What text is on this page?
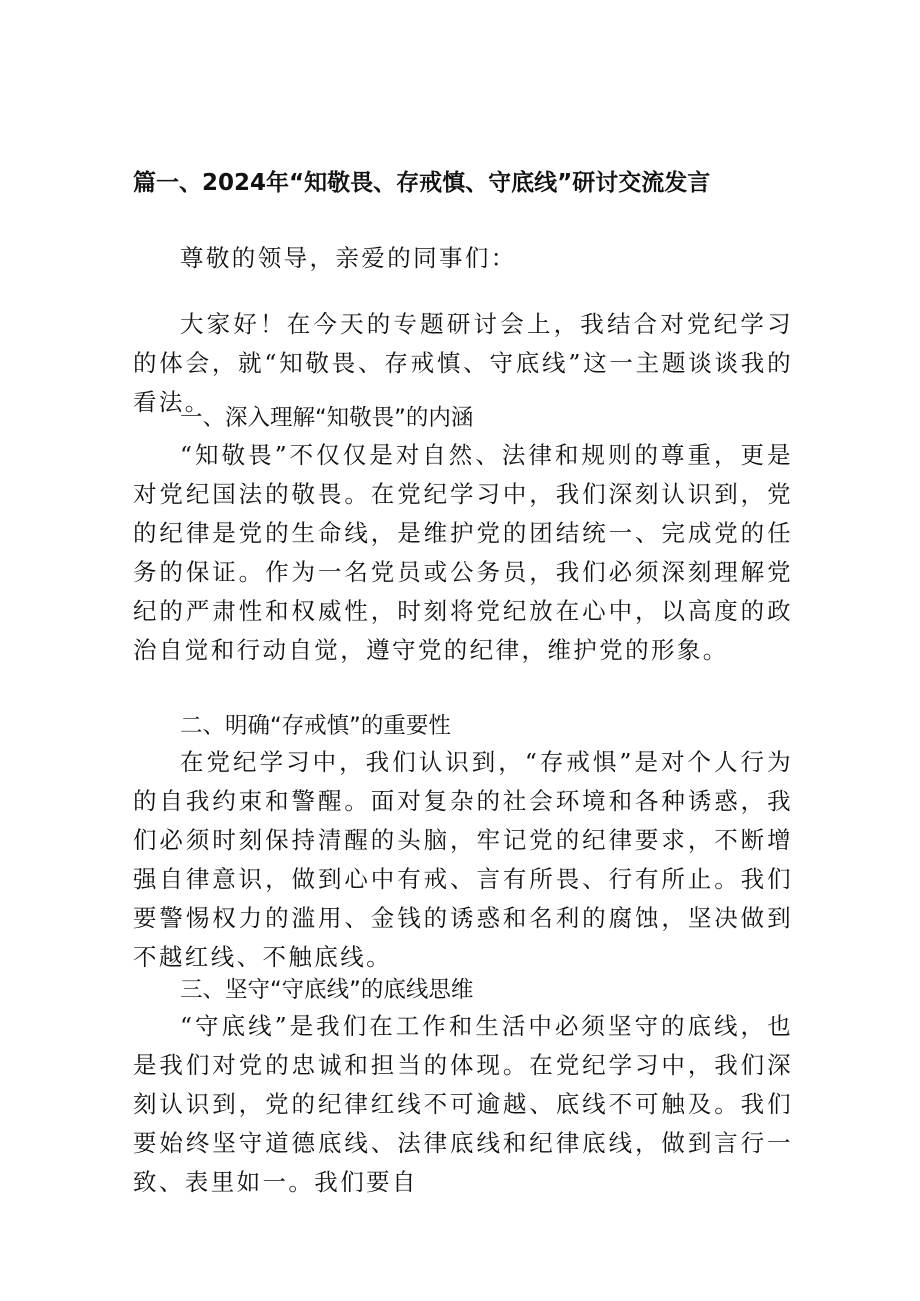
篇一、2024年“知敬畏、存戒慎、守底线”研讨交流发言
尊敬的领导，亲爱的同事们：
大家好！在今天的专题研讨会上，我结合对党纪学习的体会，就“知敬畏、存戒慎、守底线”这一主题谈谈我的看法。
一、深入理解“知敬畏”的内涵
“知敬畏”不仅仅是对自然、法律和规则的尊重，更是对党纪国法的敬畏。在党纪学习中，我们深刻认识到，党的纪律是党的生命线，是维护党的团结统一、完成党的任务的保证。作为一名党员或公务员，我们必须深刻理解党纪的严肃性和权威性，时刻将党纪放在心中，以高度的政治自觉和行动自觉，遵守党的纪律，维护党的形象。
二、明确“存戒慎”的重要性
在党纪学习中，我们认识到，“存戒惧”是对个人行为的自我约束和警醒。面对复杂的社会环境和各种诱惑，我们必须时刻保持清醒的头脑，牢记党的纪律要求，不断增强自律意识，做到心中有戒、言有所畏、行有所止。我们要警惕权力的滥用、金钱的诱惑和名利的腐蚀，坚决做到不越红线、不触底线。
三、坚守“守底线”的底线思维
“守底线”是我们在工作和生活中必须坚守的底线，也是我们对党的忠诚和担当的体现。在党纪学习中，我们深刻认识到，党的纪律红线不可逾越、底线不可触及。我们要始终坚守道德底线、法律底线和纪律底线，做到言行一致、表里如一。我们要自
